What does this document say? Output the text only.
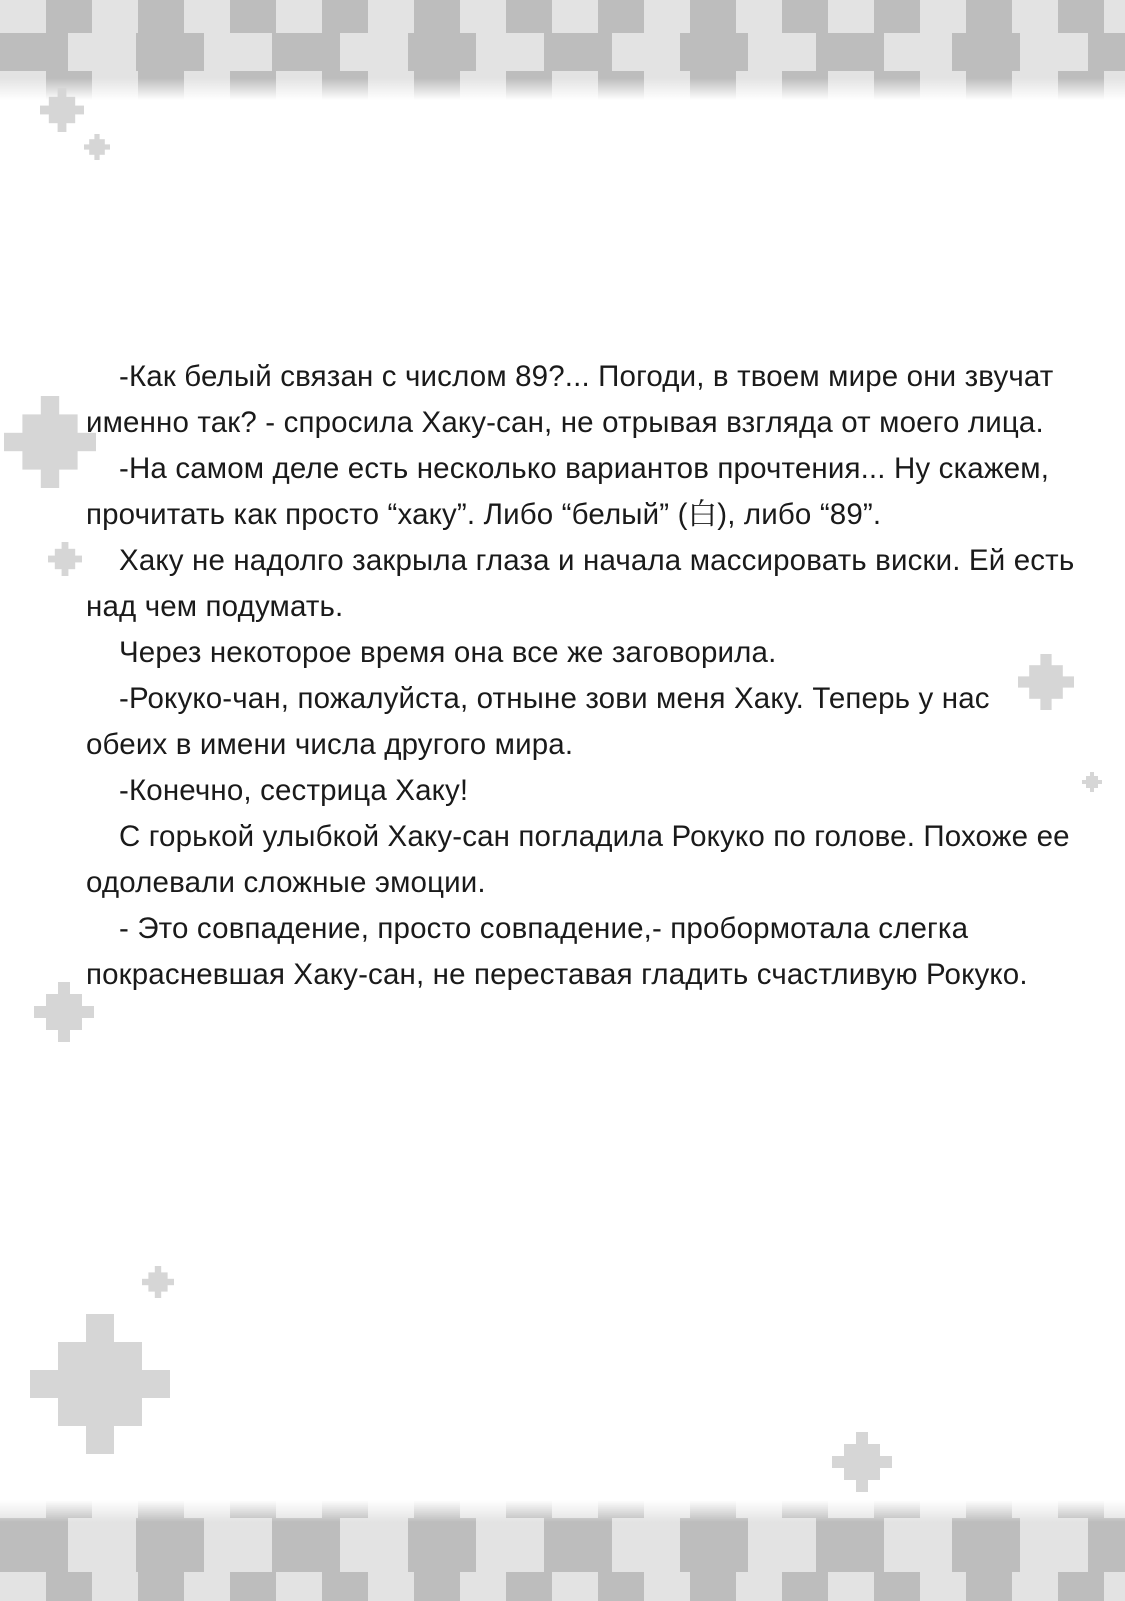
-Как белый связан с числом 89?... Погоди, в твоем мире они звучат именно так? - спросила Хаку-сан, не отрывая взгляда от моего лица.

-На самом деле есть несколько вариантов прочтения... Ну скажем, прочитать как просто “хаку”. Либо “белый” (白), либо “89”.

Хаку не надолго закрыла глаза и начала массировать виски. Ей есть над чем подумать.

Через некоторое время она все же заговорила.

-Рокуко-чан, пожалуйста, отныне зови меня Хаку. Теперь у нас обеих в имени числа другого мира.

-Конечно, сестрица Хаку!

С горькой улыбкой Хаку-сан погладила Рокуко по голове. Похоже ее одолевали сложные эмоции.

- Это совпадение, просто совпадение,- пробормотала слегка покрасневшая Хаку-сан, не переставая гладить счастливую Рокуко.
